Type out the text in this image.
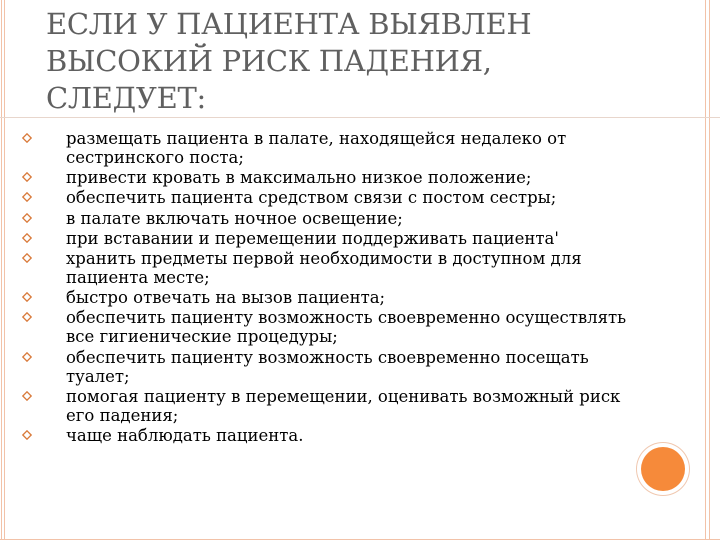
ЕСЛИ У ПАЦИЕНТА ВЫЯВЛЕН ВЫСОКИЙ РИСК ПАДЕНИЯ, СЛЕДУЕТ:
размещать пациента в палате, находящейся недалеко от сестринского поста;
привести кровать в максимально низкое положение;
обеспечить пациента средством связи с постом сестры;
в палате включать ночное освещение;
при вставании и перемещении поддерживать пациента'
хранить предметы первой необходимости в доступном для пациента месте;
быстро отвечать на вызов пациента;
обеспечить пациенту возможность своевременно осуществлять все гигиенические процедуры;
обеспечить пациенту возможность своевременно посещать туалет;
помогая пациенту в перемещении, оценивать возможный риск его падения;
чаще наблюдать пациента.
